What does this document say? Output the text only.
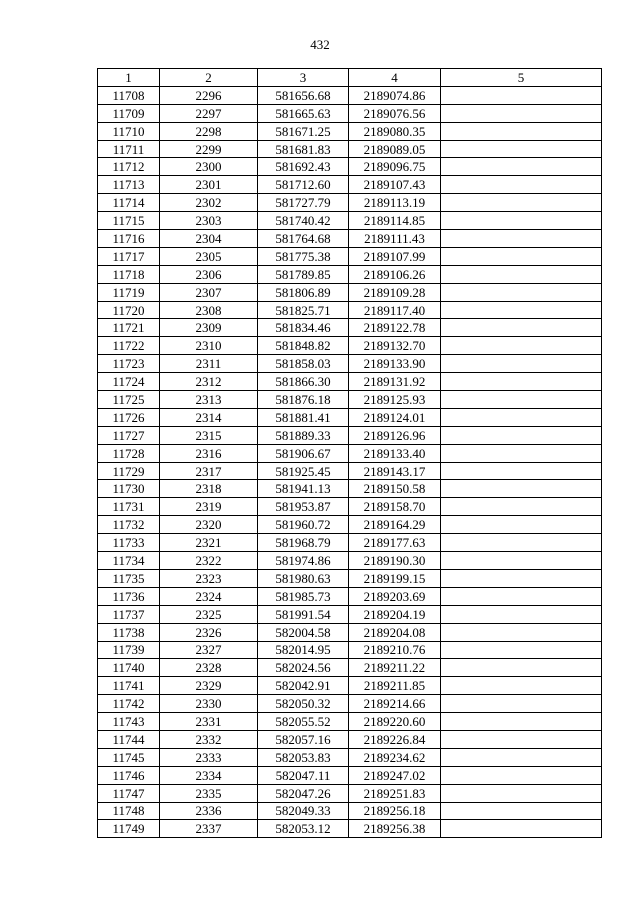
432
1	2	3	4	5
11708	2296	581656.68	2189074.86	
11709	2297	581665.63	2189076.56	
11710	2298	581671.25	2189080.35	
11711	2299	581681.83	2189089.05	
11712	2300	581692.43	2189096.75	
11713	2301	581712.60	2189107.43	
11714	2302	581727.79	2189113.19	
11715	2303	581740.42	2189114.85	
11716	2304	581764.68	2189111.43	
11717	2305	581775.38	2189107.99	
11718	2306	581789.85	2189106.26	
11719	2307	581806.89	2189109.28	
11720	2308	581825.71	2189117.40	
11721	2309	581834.46	2189122.78	
11722	2310	581848.82	2189132.70	
11723	2311	581858.03	2189133.90	
11724	2312	581866.30	2189131.92	
11725	2313	581876.18	2189125.93	
11726	2314	581881.41	2189124.01	
11727	2315	581889.33	2189126.96	
11728	2316	581906.67	2189133.40	
11729	2317	581925.45	2189143.17	
11730	2318	581941.13	2189150.58	
11731	2319	581953.87	2189158.70	
11732	2320	581960.72	2189164.29	
11733	2321	581968.79	2189177.63	
11734	2322	581974.86	2189190.30	
11735	2323	581980.63	2189199.15	
11736	2324	581985.73	2189203.69	
11737	2325	581991.54	2189204.19	
11738	2326	582004.58	2189204.08	
11739	2327	582014.95	2189210.76	
11740	2328	582024.56	2189211.22	
11741	2329	582042.91	2189211.85	
11742	2330	582050.32	2189214.66	
11743	2331	582055.52	2189220.60	
11744	2332	582057.16	2189226.84	
11745	2333	582053.83	2189234.62	
11746	2334	582047.11	2189247.02	
11747	2335	582047.26	2189251.83	
11748	2336	582049.33	2189256.18	
11749	2337	582053.12	2189256.38	
